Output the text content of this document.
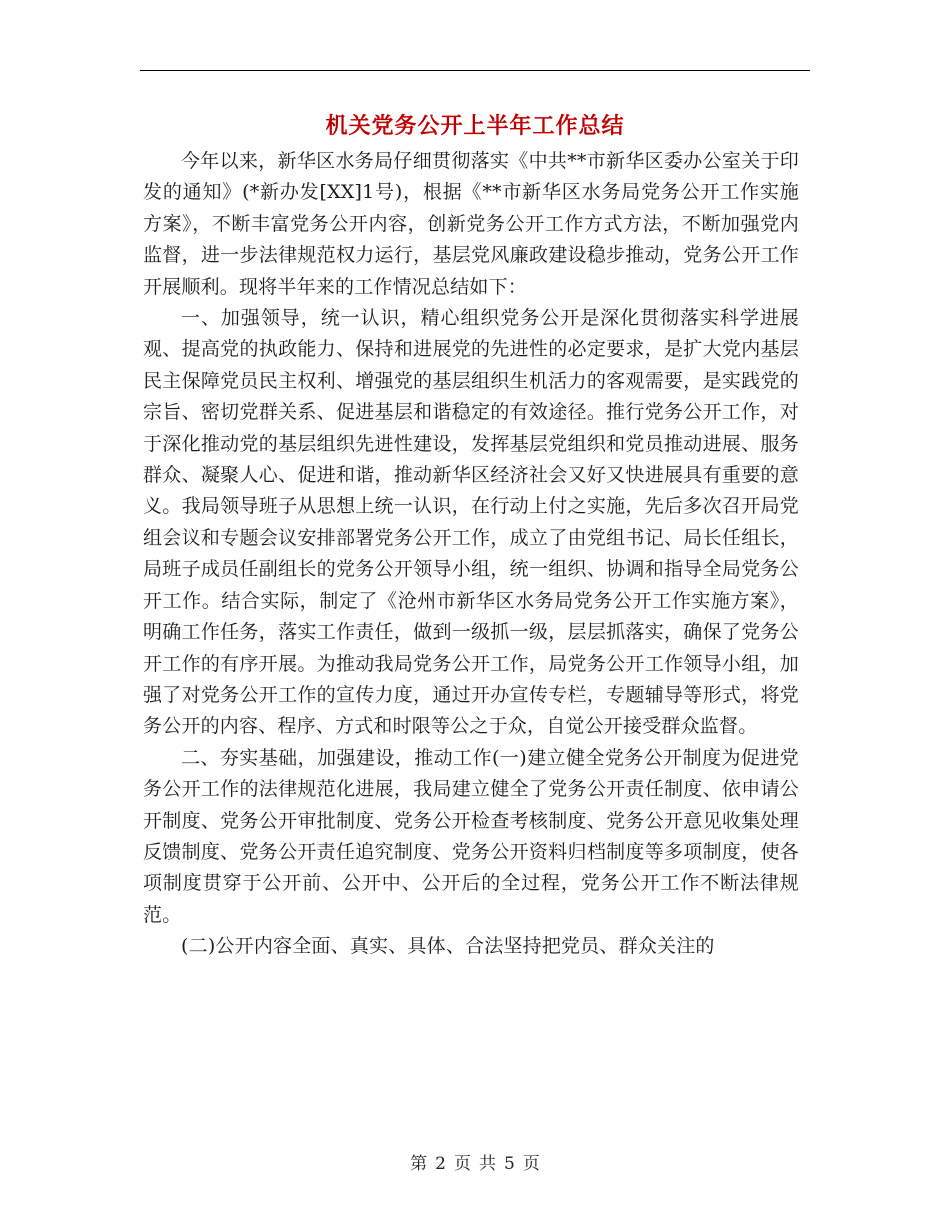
机关党务公开上半年工作总结

今年以来，新华区水务局仔细贯彻落实《中共**市新华区委办公室关于印发的通知》(*新办发[XX]1号)，根据《**市新华区水务局党务公开工作实施方案》，不断丰富党务公开内容，创新党务公开工作方式方法，不断加强党内监督，进一步法律规范权力运行，基层党风廉政建设稳步推动，党务公开工作开展顺利。现将半年来的工作情况总结如下：

一、加强领导，统一认识，精心组织党务公开是深化贯彻落实科学进展观、提高党的执政能力、保持和进展党的先进性的必定要求，是扩大党内基层民主保障党员民主权利、增强党的基层组织生机活力的客观需要，是实践党的宗旨、密切党群关系、促进基层和谐稳定的有效途径。推行党务公开工作，对于深化推动党的基层组织先进性建设，发挥基层党组织和党员推动进展、服务群众、凝聚人心、促进和谐，推动新华区经济社会又好又快进展具有重要的意义。我局领导班子从思想上统一认识，在行动上付之实施，先后多次召开局党组会议和专题会议安排部署党务公开工作，成立了由党组书记、局长任组长，局班子成员任副组长的党务公开领导小组，统一组织、协调和指导全局党务公开工作。结合实际，制定了《沧州市新华区水务局党务公开工作实施方案》，明确工作任务，落实工作责任，做到一级抓一级，层层抓落实，确保了党务公开工作的有序开展。为推动我局党务公开工作，局党务公开工作领导小组，加强了对党务公开工作的宣传力度，通过开办宣传专栏，专题辅导等形式，将党务公开的内容、程序、方式和时限等公之于众，自觉公开接受群众监督。

二、夯实基础，加强建设，推动工作(一)建立健全党务公开制度为促进党务公开工作的法律规范化进展，我局建立健全了党务公开责任制度、依申请公开制度、党务公开审批制度、党务公开检查考核制度、党务公开意见收集处理反馈制度、党务公开责任追究制度、党务公开资料归档制度等多项制度，使各项制度贯穿于公开前、公开中、公开后的全过程，党务公开工作不断法律规范。

(二)公开内容全面、真实、具体、合法坚持把党员、群众关注的

第 2 页 共 5 页
